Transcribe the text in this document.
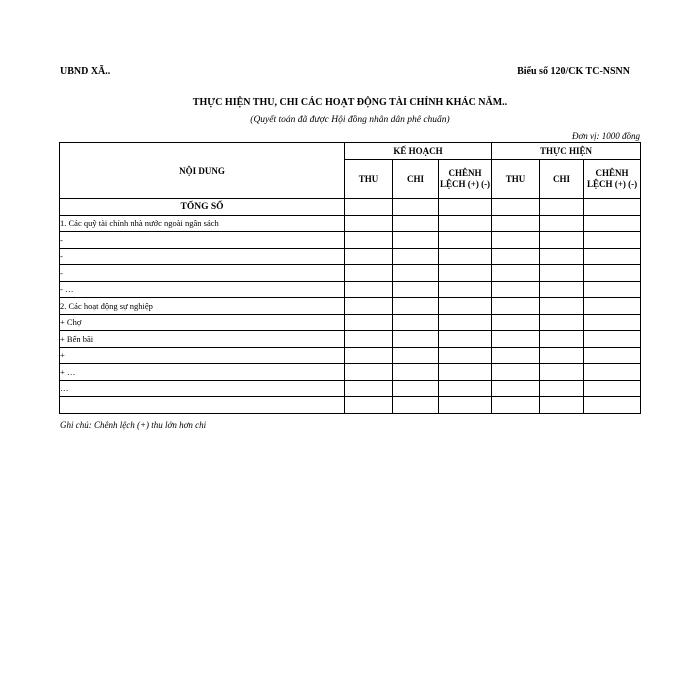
UBND XÃ..	Biểu số 120/CK TC-NSNN
THỰC HIỆN THU, CHI CÁC HOẠT ĐỘNG TÀI CHÍNH KHÁC NĂM..
(Quyết toán đã được Hội đồng nhân dân phê chuẩn)
Đơn vị: 1000 đồng
NỘI DUNG	KẾ HOẠCH			THỰC HIỆN		
	THU	CHI	CHÊNH LỆCH (+) (-)	THU	CHI	CHÊNH LỆCH (+) (-)
TỔNG SỐ						
1. Các quỹ tài chính nhà nước ngoài ngân sách						
-						
-						
-						
- …						
2. Các hoạt động sự nghiệp						
+ Chợ						
+ Bến bãi						
+						
+ …						
…						

Ghi chú: Chênh lệch (+) thu lớn hơn chi
